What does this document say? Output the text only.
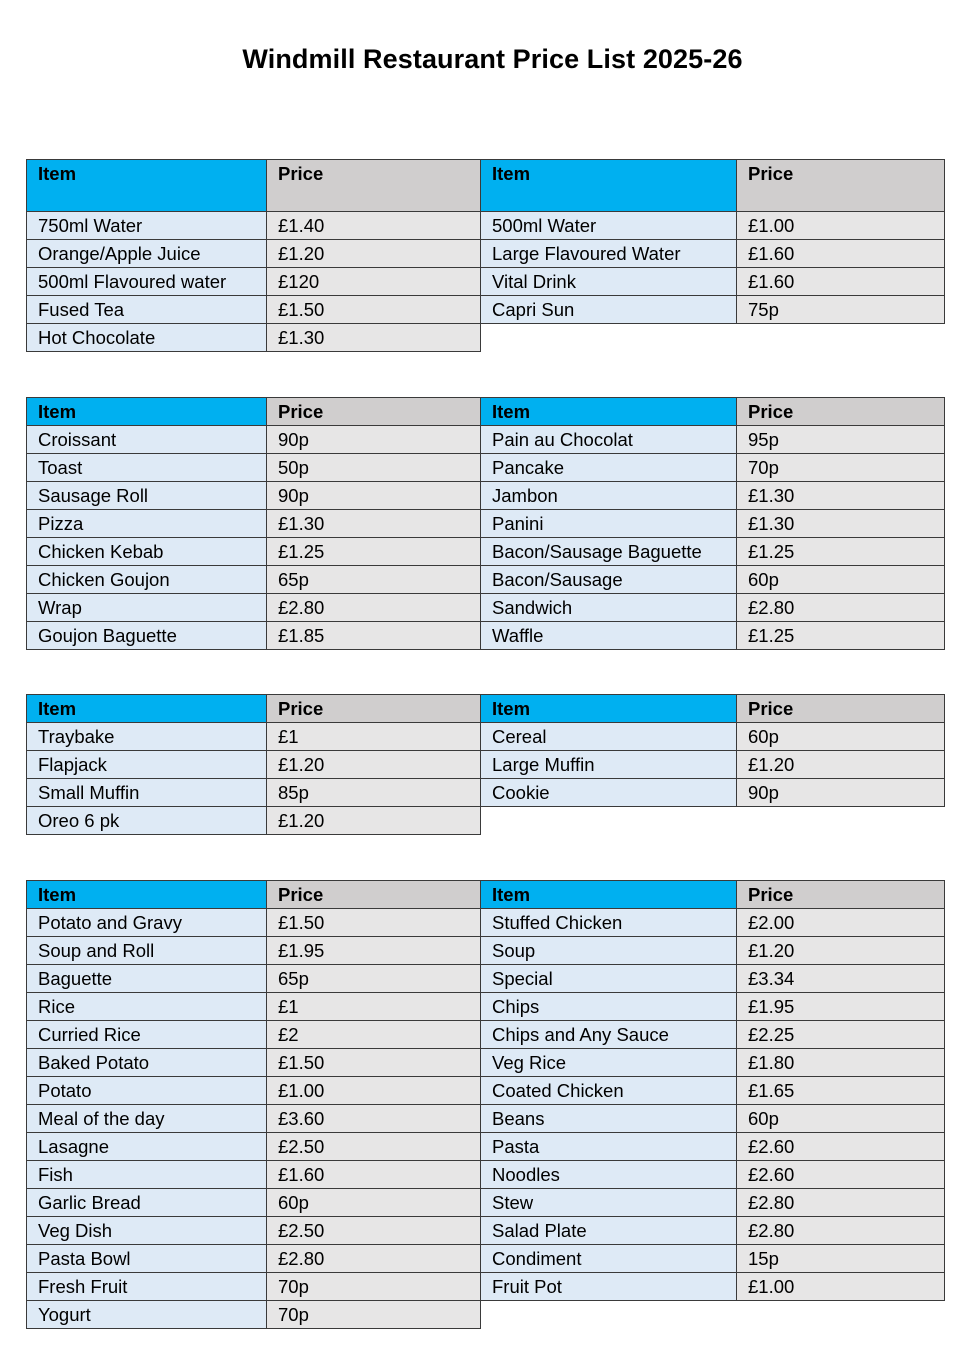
Windmill Restaurant Price List 2025-26
Item	Price
750ml Water	£1.40
Orange/Apple Juice	£1.20
500ml Flavoured water	£120
Fused Tea	£1.50
Hot Chocolate	£1.30
Item	Price
500ml Water	£1.00
Large Flavoured Water	£1.60
Vital Drink	£1.60
Capri Sun	75p
Item	Price
Croissant	90p
Toast	50p
Sausage Roll	90p
Pizza	£1.30
Chicken Kebab	£1.25
Chicken Goujon	65p
Wrap	£2.80
Goujon Baguette	£1.85
Item	Price
Pain au Chocolat	95p
Pancake	70p
Jambon	£1.30
Panini	£1.30
Bacon/Sausage Baguette	£1.25
Bacon/Sausage	60p
Sandwich	£2.80
Waffle	£1.25
Item	Price
Traybake	£1
Flapjack	£1.20
Small Muffin	85p
Oreo 6 pk	£1.20
Item	Price
Cereal	60p
Large Muffin	£1.20
Cookie	90p
Item	Price
Potato and Gravy	£1.50
Soup and Roll	£1.95
Baguette	65p
Rice	£1
Curried Rice	£2
Baked Potato	£1.50
Potato	£1.00
Meal of the day	£3.60
Lasagne	£2.50
Fish	£1.60
Garlic Bread	60p
Veg Dish	£2.50
Pasta Bowl	£2.80
Fresh Fruit	70p
Yogurt	70p
Item	Price
Stuffed Chicken	£2.00
Soup	£1.20
Special	£3.34
Chips	£1.95
Chips and Any Sauce	£2.25
Veg Rice	£1.80
Coated Chicken	£1.65
Beans	60p
Pasta	£2.60
Noodles	£2.60
Stew	£2.80
Salad Plate	£2.80
Condiment	15p
Fruit Pot	£1.00
